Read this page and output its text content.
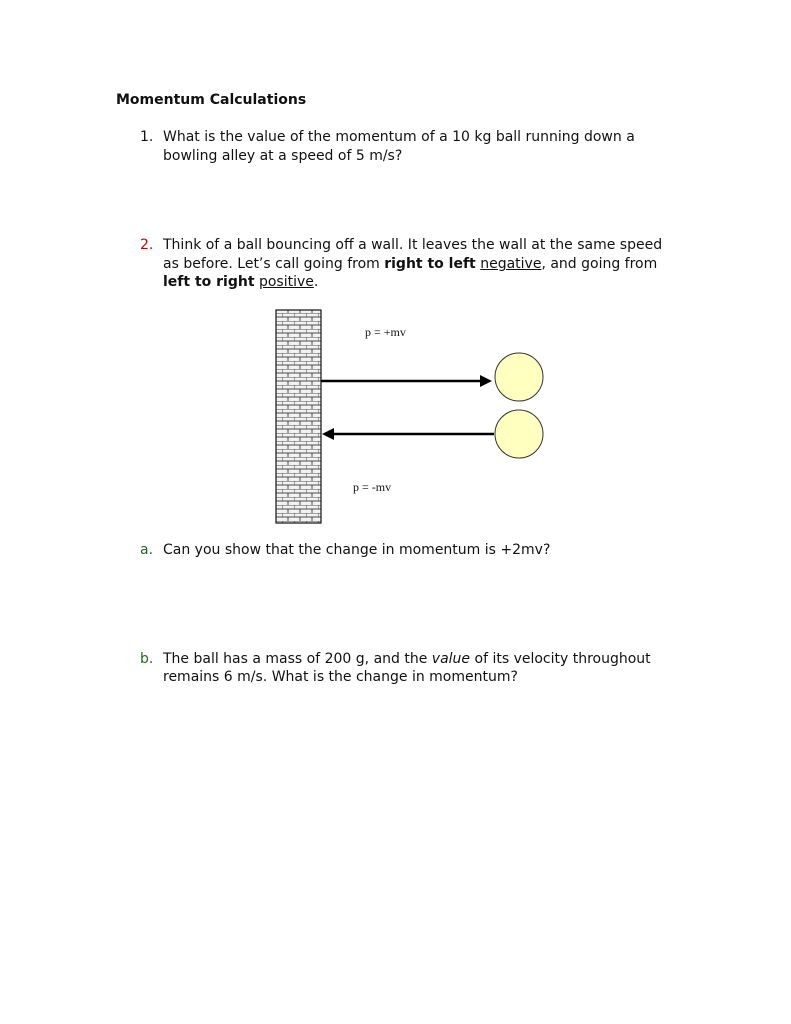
Momentum Calculations
1. What is the value of the momentum of a 10 kg ball running down a
bowling alley at a speed of 5 m/s?
2. Think of a ball bouncing off a wall. It leaves the wall at the same speed
as before. Let’s call going from right to left negative, and going from
left to right positive.
p = +mv
p = -mv
a. Can you show that the change in momentum is +2mv?
b. The ball has a mass of 200 g, and the value of its velocity throughout
remains 6 m/s. What is the change in momentum?
